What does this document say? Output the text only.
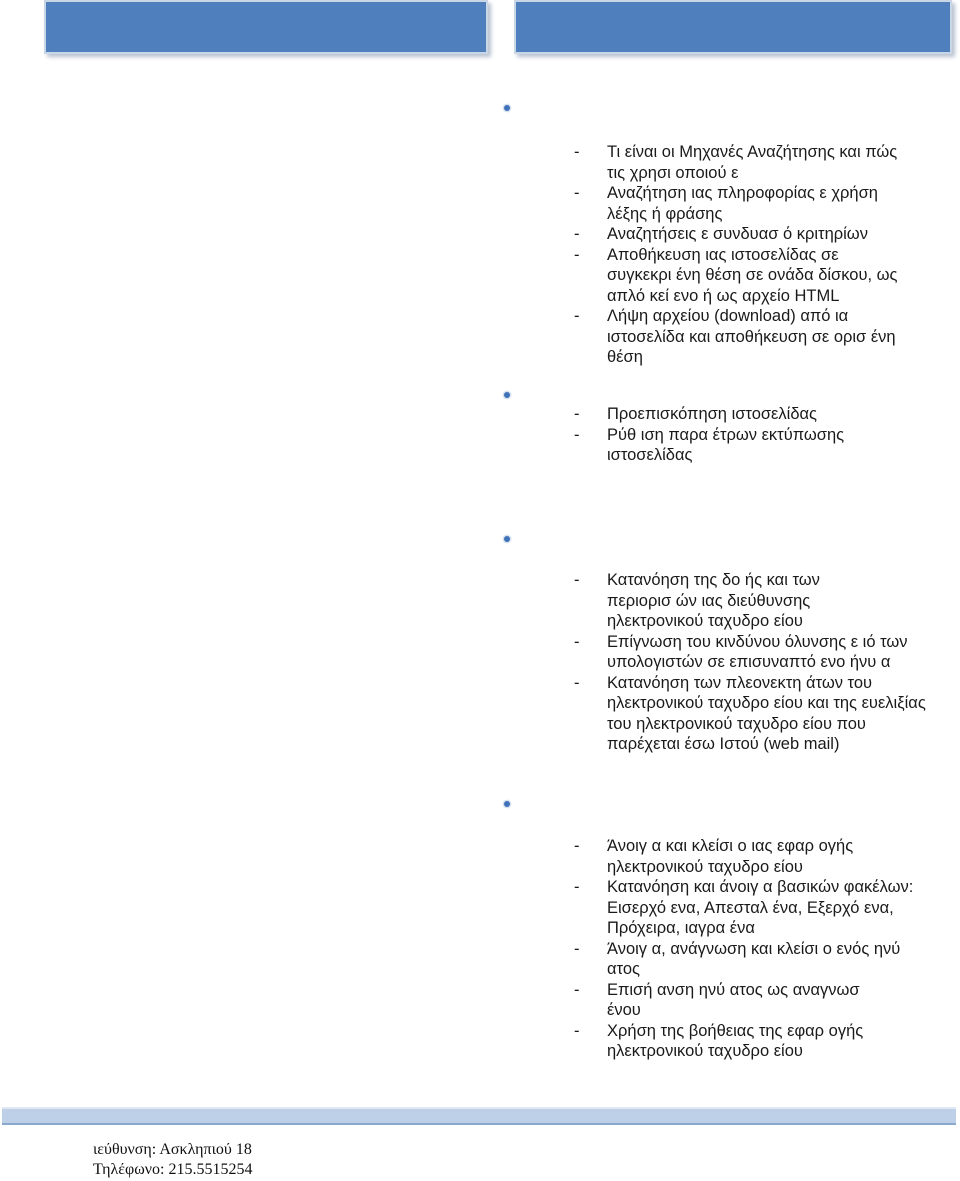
- Τι είναι οι Μηχανές Αναζήτησης και πώς τις χρησι οποιού ε
- Αναζήτηση ιας πληροφορίας ε χρήση λέξης ή φράσης
- Αναζητήσεις ε συνδυασ ό κριτηρίων
- Αποθήκευση ιας ιστοσελίδας σε συγκεκρι ένη θέση σε ονάδα δίσκου, ως απλό κεί ενο ή ως αρχείο HTML
- Λήψη αρχείου (download) από ια ιστοσελίδα και αποθήκευση σε ορισ ένη θέση
- Προεπισκόπηση ιστοσελίδας
- Ρύθ ιση παρα έτρων εκτύπωσης ιστοσελίδας
- Κατανόηση της δο ής και των περιορισ ών ιας διεύθυνσης ηλεκτρονικού ταχυδρο είου
- Επίγνωση του κινδύνου όλυνσης ε ιό των υπολογιστών σε επισυναπτό ενο ήνυ α
- Κατανόηση των πλεονεκτη άτων του ηλεκτρονικού ταχυδρο είου και της ευελιξίας του ηλεκτρονικού ταχυδρο είου που παρέχεται έσω Ιστού (web mail)
- Άνοιγ α και κλείσι ο ιας εφαρ ογής ηλεκτρονικού ταχυδρο είου
- Κατανόηση και άνοιγ α βασικών φακέλων: Εισερχό ενα, Απεσταλ ένα, Εξερχό ενα, Πρόχειρα, ιαγρα ένα
- Άνοιγ α, ανάγνωση και κλείσι ο ενός ηνύ ατος
- Επισή ανση ηνύ ατος ως αναγνωσ ένου
- Χρήση της βοήθειας της εφαρ ογής ηλεκτρονικού ταχυδρο είου
ιεύθυνση: Ασκληπιού 18
Τηλέφωνο: 215.5515254
